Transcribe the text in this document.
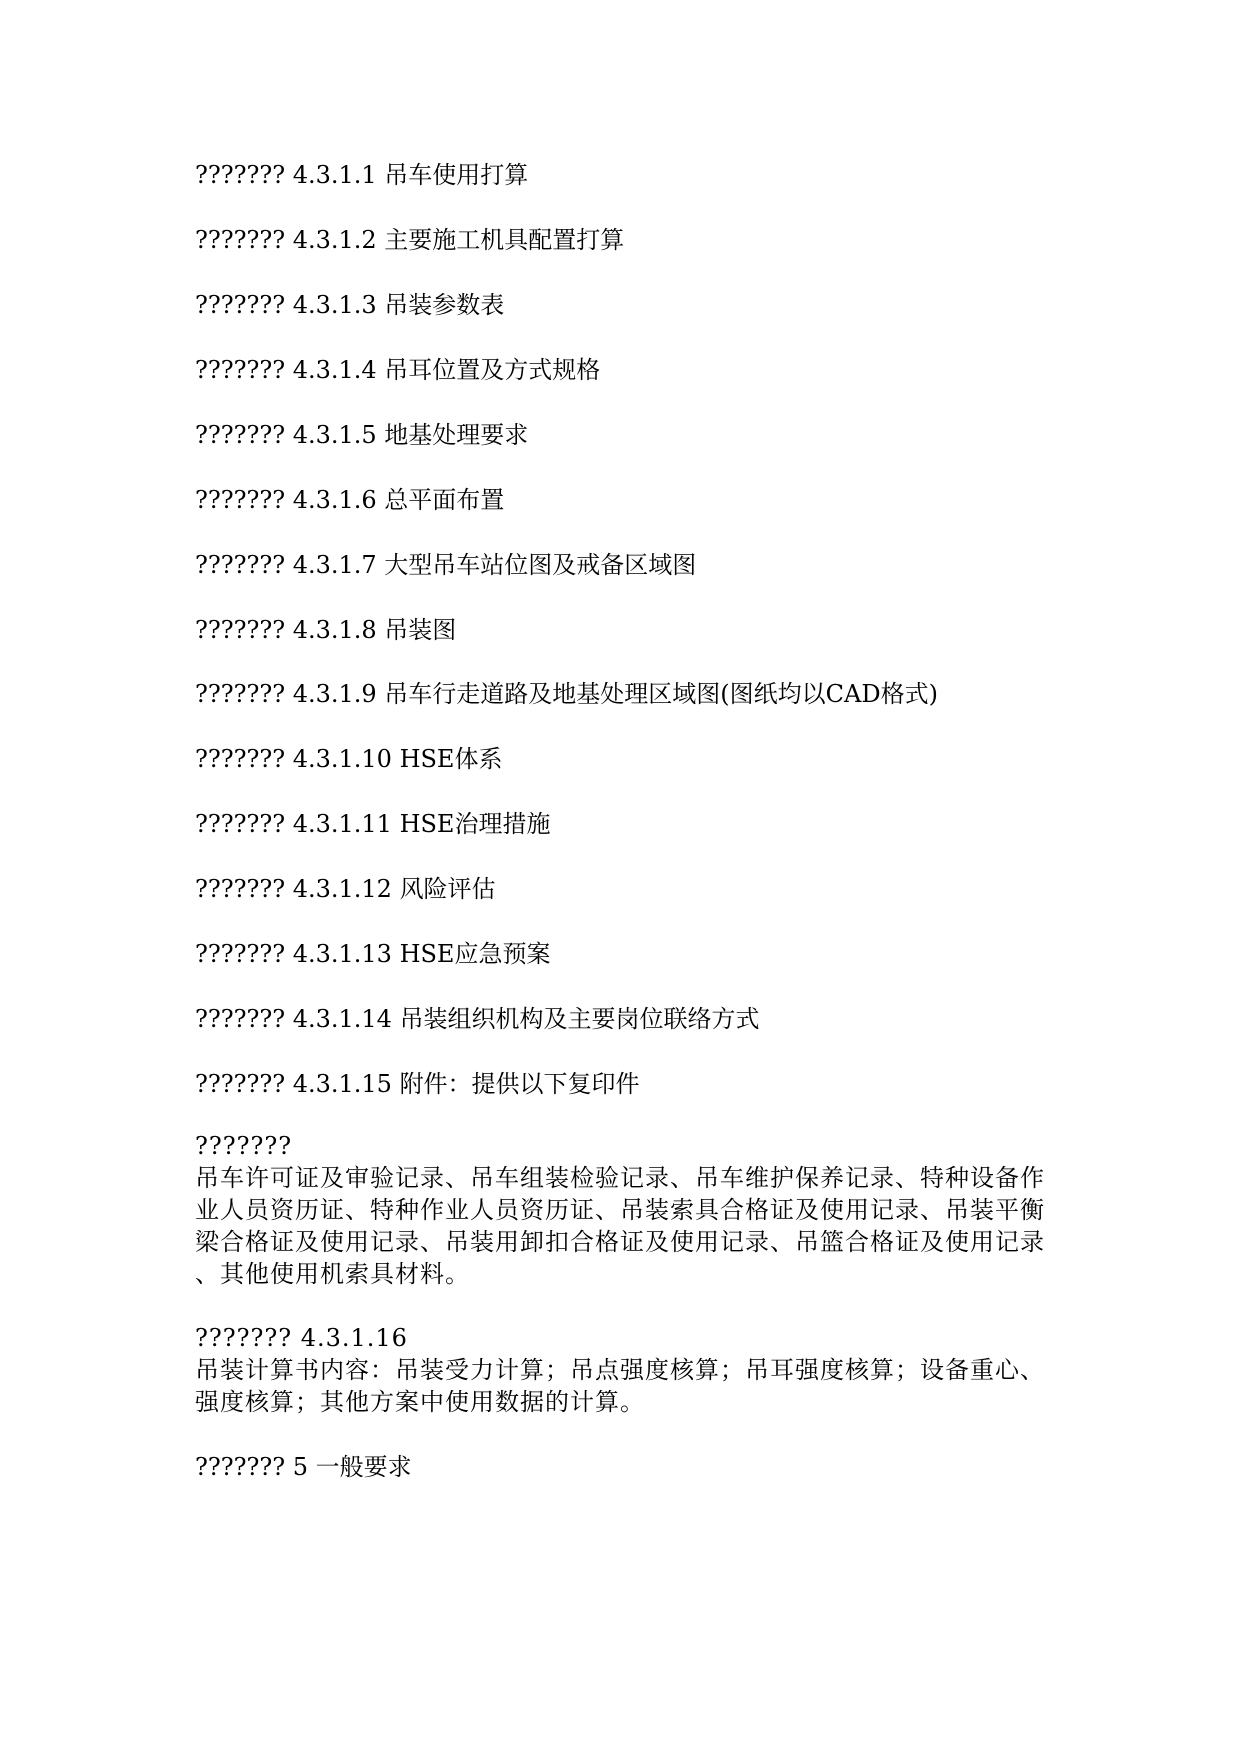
??????? 4.3.1.1 吊车使用打算
??????? 4.3.1.2 主要施工机具配置打算
??????? 4.3.1.3 吊装参数表
??????? 4.3.1.4 吊耳位置及方式规格
??????? 4.3.1.5 地基处理要求
??????? 4.3.1.6 总平面布置
??????? 4.3.1.7 大型吊车站位图及戒备区域图
??????? 4.3.1.8 吊装图
??????? 4.3.1.9 吊车行走道路及地基处理区域图(图纸均以CAD格式)
??????? 4.3.1.10 HSE体系
??????? 4.3.1.11 HSE治理措施
??????? 4.3.1.12 风险评估
??????? 4.3.1.13 HSE应急预案
??????? 4.3.1.14 吊装组织机构及主要岗位联络方式
??????? 4.3.1.15 附件：提供以下复印件
???????
吊车许可证及审验记录、吊车组装检验记录、吊车维护保养记录、特种设备作
业人员资历证、特种作业人员资历证、吊装索具合格证及使用记录、吊装平衡
梁合格证及使用记录、吊装用卸扣合格证及使用记录、吊篮合格证及使用记录
、其他使用机索具材料。
??????? 4.3.1.16
吊装计算书内容：吊装受力计算；吊点强度核算；吊耳强度核算；设备重心、
强度核算；其他方案中使用数据的计算。
??????? 5 一般要求
